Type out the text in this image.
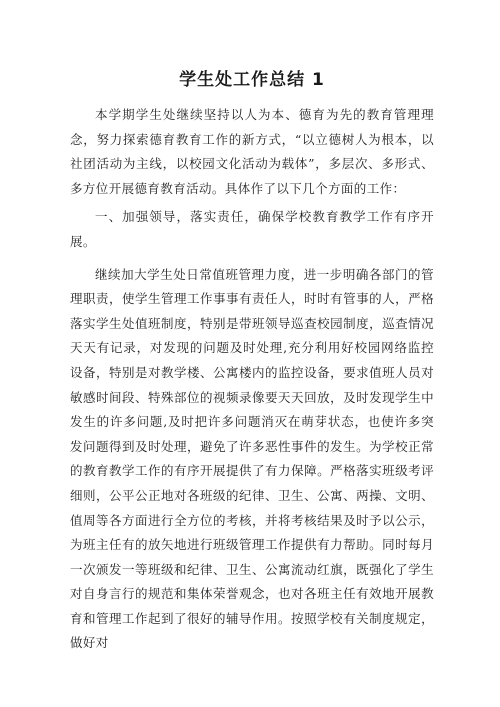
学生处工作总结 1

本学期学生处继续坚持以人为本、德育为先的教育管理理念，努力探索德育教育工作的新方式，“以立德树人为根本，以社团活动为主线，以校园文化活动为载体”，多层次、多形式、多方位开展德育教育活动。具体作了以下几个方面的工作：

一、加强领导，落实责任，确保学校教育教学工作有序开展。

继续加大学生处日常值班管理力度，进一步明确各部门的管理职责，使学生管理工作事事有责任人，时时有管事的人，严格落实学生处值班制度，特别是带班领导巡查校园制度，巡查情况天天有记录，对发现的问题及时处理,充分利用好校园网络监控设备，特别是对教学楼、公寓楼内的监控设备，要求值班人员对敏感时间段、特殊部位的视频录像要天天回放，及时发现学生中发生的许多问题,及时把许多问题消灭在萌芽状态，也使许多突发问题得到及时处理，避免了许多恶性事件的发生。为学校正常的教育教学工作的有序开展提供了有力保障。严格落实班级考评细则，公平公正地对各班级的纪律、卫生、公寓、两操、文明、值周等各方面进行全方位的考核，并将考核结果及时予以公示，为班主任有的放矢地进行班级管理工作提供有力帮助。同时每月一次颁发一等班级和纪律、卫生、公寓流动红旗，既强化了学生对自身言行的规范和集体荣誉观念，也对各班主任有效地开展教育和管理工作起到了很好的辅导作用。按照学校有关制度规定，做好对
